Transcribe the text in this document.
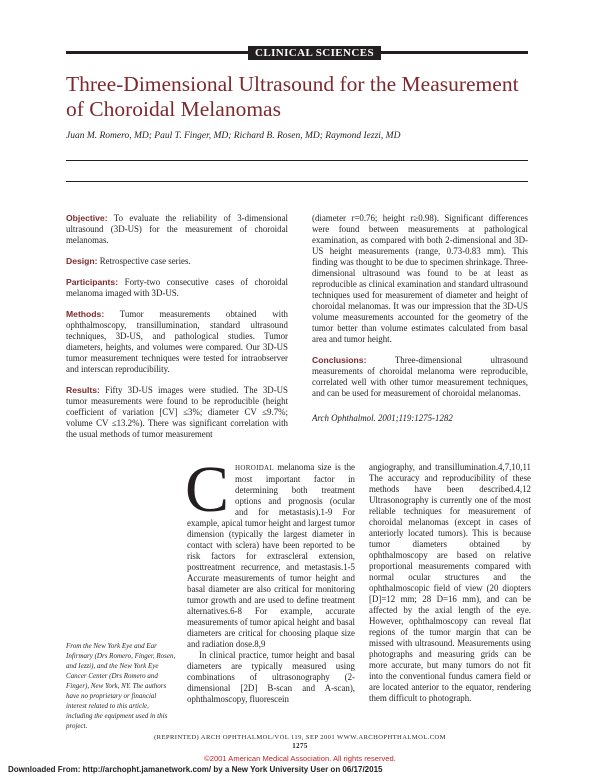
CLINICAL SCIENCES
Three-Dimensional Ultrasound for the Measurement of Choroidal Melanomas
Juan M. Romero, MD; Paul T. Finger, MD; Richard B. Rosen, MD; Raymond Iezzi, MD

Objective: To evaluate the reliability of 3-dimensional ultrasound (3D-US) for the measurement of choroidal melanomas.

Design: Retrospective case series.

Participants: Forty-two consecutive cases of choroidal melanoma imaged with 3D-US.

Methods: Tumor measurements obtained with ophthalmoscopy, transillumination, standard ultrasound techniques, 3D-US, and pathological studies. Tumor diameters, heights, and volumes were compared. Our 3D-US tumor measurement techniques were tested for intraobserver and interscan reproducibility.

Results: Fifty 3D-US images were studied. The 3D-US tumor measurements were found to be reproducible (height coefficient of variation [CV] ≤3%; diameter CV ≤9.7%; volume CV ≤13.2%). There was significant correlation with the usual methods of tumor measurement

(diameter r=0.76; height r≥0.98). Significant differences were found between measurements at pathological examination, as compared with both 2-dimensional and 3D-US height measurements (range, 0.73-0.83 mm). This finding was thought to be due to specimen shrinkage. Three-dimensional ultrasound was found to be at least as reproducible as clinical examination and standard ultrasound techniques used for measurement of diameter and height of choroidal melanomas. It was our impression that the 3D-US volume measurements accounted for the geometry of the tumor better than volume estimates calculated from basal area and tumor height.

Conclusions: Three-dimensional ultrasound measurements of choroidal melanoma were reproducible, correlated well with other tumor measurement techniques, and can be used for measurement of choroidal melanomas.

Arch Ophthalmol. 2001;119:1275-1282

CHOROIDAL melanoma size is the most important factor in determining both treatment options and prognosis (ocular and for metastasis).1-9 For example, apical tumor height and largest tumor dimension (typically the largest diameter in contact with sclera) have been reported to be risk factors for extrascleral extension, posttreatment recurrence, and metastasis.1-5 Accurate measurements of tumor height and basal diameter are also critical for monitoring tumor growth and are used to define treatment alternatives.6-8 For example, accurate measurements of tumor apical height and basal diameters are critical for choosing plaque size and radiation dose.8,9

In clinical practice, tumor height and basal diameters are typically measured using combinations of ultrasonography (2-dimensional [2D] B-scan and A-scan), ophthalmoscopy, fluorescein

angiography, and transillumination.4,7,10,11 The accuracy and reproducibility of these methods have been described.4,12 Ultrasonography is currently one of the most reliable techniques for measurement of choroidal melanomas (except in cases of anteriorly located tumors). This is because tumor diameters obtained by ophthalmoscopy are based on relative proportional measurements compared with normal ocular structures and the ophthalmoscopic field of view (20 diopters [D]=12 mm; 28 D=16 mm), and can be affected by the axial length of the eye. However, ophthalmoscopy can reveal flat regions of the tumor margin that can be missed with ultrasound. Measurements using photographs and measuring grids can be more accurate, but many tumors do not fit into the conventional fundus camera field or are located anterior to the equator, rendering them difficult to photograph.

From the New York Eye and Ear Infirmary (Drs Romero, Finger, Rosen, and Iezzi), and the New York Eye Cancer Center (Drs Romero and Finger), New York, NY. The authors have no proprietary or financial interest related to this article, including the equipment used in this project.
(REPRINTED) ARCH OPHTHALMOL/VOL 119, SEP 2001 WWW.ARCHOPHTHALMOL.COM
1275
©2001 American Medical Association. All rights reserved.
Downloaded From: http://archopht.jamanetwork.com/ by a New York University User on 06/17/2015
